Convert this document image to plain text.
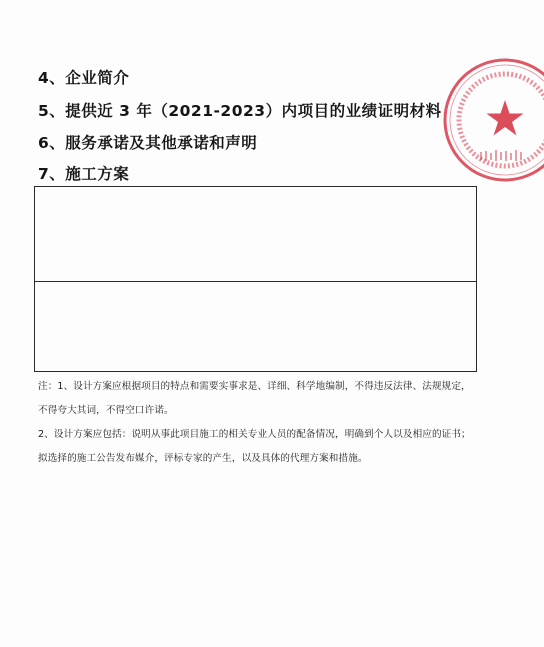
4、企业简介
5、提供近 3 年（2021-2023）内项目的业绩证明材料
6、服务承诺及其他承诺和声明
7、施工方案
注：1、设计方案应根据项目的特点和需要实事求是、详细、科学地编制，不得违反法律、法规规定，
不得夸大其词，不得空口许诺。
2、设计方案应包括：说明从事此项目施工的相关专业人员的配备情况，明确到个人以及相应的证书；
拟选择的施工公告发布媒介，评标专家的产生，以及具体的代理方案和措施。
